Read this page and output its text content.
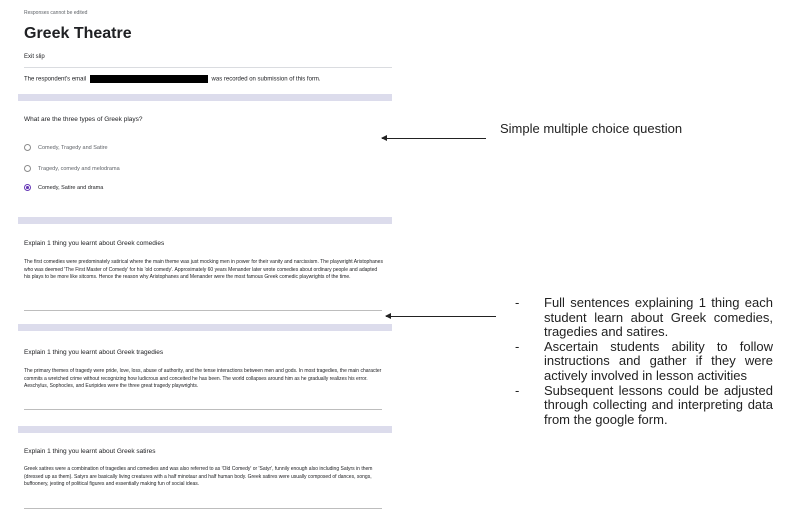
Responses cannot be edited
Greek Theatre
Exit slip
The respondent's email	was recorded on submission of this form.
What are the three types of Greek plays?
Comedy, Tragedy and Satire
Tragedy, comedy and melodrama
Comedy, Satire and drama
Explain 1 thing you learnt about Greek comedies
The first comedies were predominately satirical where the main theme was just mocking men in power for their vanity and narcissism. The playwright Aristophanes who was deemed 'The First Master of Comedy' for his 'old comedy'. Approximately 60 years Menander later wrote comedies about ordinary people and adapted his plays to be more like sitcoms. Hence the reason why Aristophanes and Menander were the most famous Greek comedic playwrights of the time.
Explain 1 thing you learnt about Greek tragedies
The primary themes of tragedy were pride, love, loss, abuse of authority, and the tense interactions between men and gods. In most tragedies, the main character commits a wretched crime without recognizing how ludicrous and conceited he has been. The world collapses around him as he gradually realizes his error. Aeschylus, Sophocles, and Euripides were the three great tragedy playwrights.
Explain 1 thing you learnt about Greek satires
Greek satires were a combination of tragedies and comedies and was also referred to as 'Old Comedy' or 'Satyr', funnily enough also including Satyrs in them (dressed up as them). Satyrs are basically living creatures with a half minotaur and half human body. Greek satires were usually composed of dances, songs, buffoonery, jesting of political figures and essentially making fun of social ideas.
Simple multiple choice question
- Full sentences explaining 1 thing each student learn about Greek comedies, tragedies and satires.
- Ascertain students ability to follow instructions and gather if they were actively involved in lesson activities
- Subsequent lessons could be adjusted through collecting and interpreting data from the google form.
